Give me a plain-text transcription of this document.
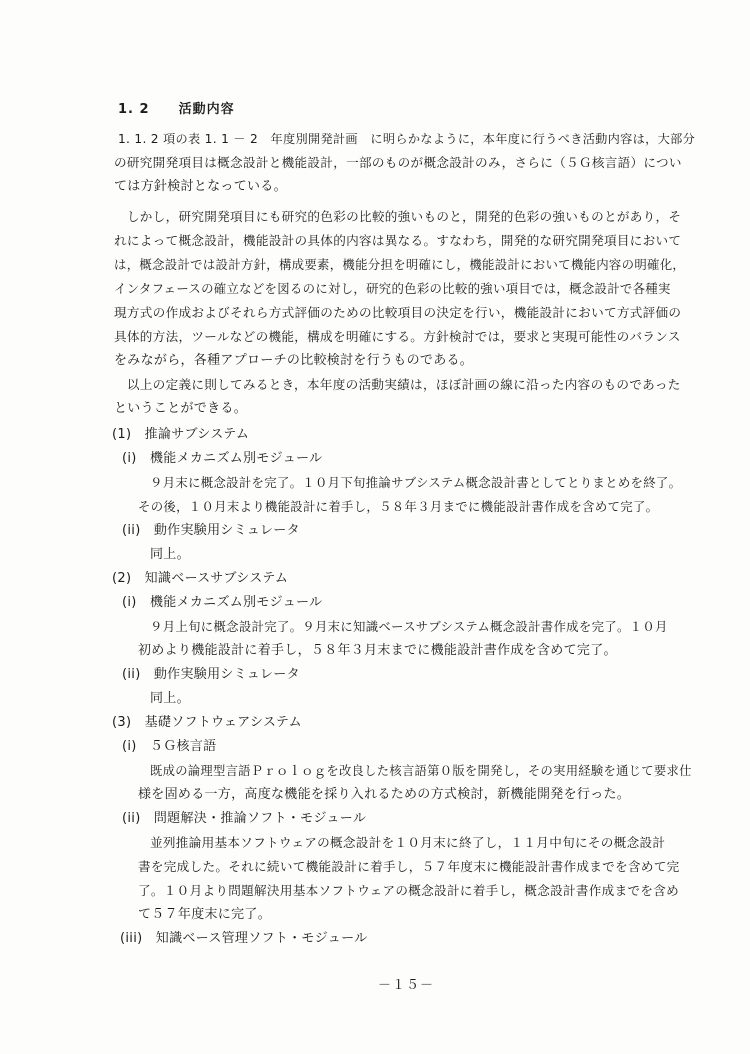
1. 2 活動内容
1. 1. 2 項の表 1. 1 － 2　年度別開発計画　に明らかなように，本年度に行うべき活動内容は，大部分
の研究開発項目は概念設計と機能設計，一部のものが概念設計のみ，さらに（５Ｇ核言語）につい
ては方針検討となっている。
　しかし，研究開発項目にも研究的色彩の比較的強いものと，開発的色彩の強いものとがあり，そ
れによって概念設計，機能設計の具体的内容は異なる。すなわち，開発的な研究開発項目において
は，概念設計では設計方針，構成要素，機能分担を明確にし，機能設計において機能内容の明確化，
インタフェースの確立などを図るのに対し，研究的色彩の比較的強い項目では，概念設計で各種実
現方式の作成およびそれら方式評価のための比較項目の決定を行い，機能設計において方式評価の
具体的方法，ツールなどの機能，構成を明確にする。方針検討では，要求と実現可能性のバランス
をみながら，各種アプローチの比較検討を行うものである。
　以上の定義に則してみるとき，本年度の活動実績は，ほぼ計画の線に沿った内容のものであった
ということができる。
(1)　推論サブシステム
(i)　機能メカニズム別モジュール
９月末に概念設計を完了。１０月下旬推論サブシステム概念設計書としてとりまとめを終了。
その後，１０月末より機能設計に着手し，５８年３月までに機能設計書作成を含めて完了。
(ii)　動作実験用シミュレータ
同上。
(2)　知識ベースサブシステム
(i)　機能メカニズム別モジュール
９月上旬に概念設計完了。９月末に知識ベースサブシステム概念設計書作成を完了。１０月
初めより機能設計に着手し，５８年３月末までに機能設計書作成を含めて完了。
(ii)　動作実験用シミュレータ
同上。
(3)　基礎ソフトウェアシステム
(i)　５Ｇ核言語
既成の論理型言語Ｐｒｏｌｏｇを改良した核言語第０版を開発し，その実用経験を通じて要求仕
様を固める一方，高度な機能を採り入れるための方式検討，新機能開発を行った。
(ii)　問題解決・推論ソフト・モジュール
並列推論用基本ソフトウェアの概念設計を１０月末に終了し，１１月中旬にその概念設計
書を完成した。それに続いて機能設計に着手し，５７年度末に機能設計書作成までを含めて完
了。１０月より問題解決用基本ソフトウェアの概念設計に着手し，概念設計書作成までを含め
て５７年度末に完了。
(iii)　知識ベース管理ソフト・モジュール
－１５－
